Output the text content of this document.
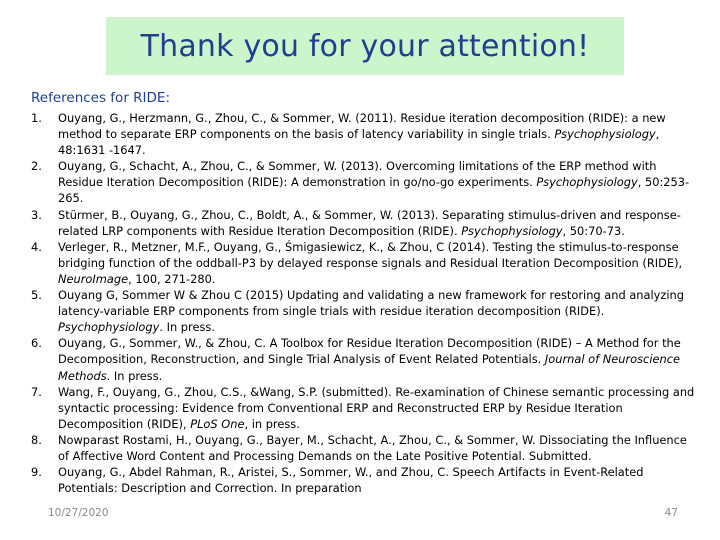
Thank you for your attention!
References for RIDE:
1. Ouyang, G., Herzmann, G., Zhou, C., & Sommer, W. (2011). Residue iteration decomposition (RIDE): a new method to separate ERP components on the basis of latency variability in single trials. Psychophysiology, 48:1631 -1647.
2. Ouyang, G., Schacht, A., Zhou, C., & Sommer, W. (2013). Overcoming limitations of the ERP method with Residue Iteration Decomposition (RIDE): A demonstration in go/no-go experiments. Psychophysiology, 50:253-265.
3. Stürmer, B., Ouyang, G., Zhou, C., Boldt, A., & Sommer, W. (2013). Separating stimulus-driven and response-related LRP components with Residue Iteration Decomposition (RIDE). Psychophysiology, 50:70-73.
4. Verleger, R., Metzner, M.F., Ouyang, G., Śmigasiewicz, K., & Zhou, C (2014). Testing the stimulus-to-response bridging function of the oddball-P3 by delayed response signals and Residual Iteration Decomposition (RIDE), NeuroImage, 100, 271-280.
5. Ouyang G, Sommer W & Zhou C (2015) Updating and validating a new framework for restoring and analyzing latency-variable ERP components from single trials with residue iteration decomposition (RIDE). Psychophysiology. In press.
6. Ouyang, G., Sommer, W., & Zhou, C. A Toolbox for Residue Iteration Decomposition (RIDE) – A Method for the Decomposition, Reconstruction, and Single Trial Analysis of Event Related Potentials. Journal of Neuroscience Methods. In press.
7. Wang, F., Ouyang, G., Zhou, C.S., &Wang, S.P. (submitted). Re-examination of Chinese semantic processing and syntactic processing: Evidence from Conventional ERP and Reconstructed ERP by Residue Iteration Decomposition (RIDE), PLoS One, in press.
8. Nowparast Rostami, H., Ouyang, G., Bayer, M., Schacht, A., Zhou, C., & Sommer, W. Dissociating the Influence of Affective Word Content and Processing Demands on the Late Positive Potential. Submitted.
9. Ouyang, G., Abdel Rahman, R., Aristei, S., Sommer, W., and Zhou, C. Speech Artifacts in Event-Related Potentials: Description and Correction. In preparation
10/27/2020	47
